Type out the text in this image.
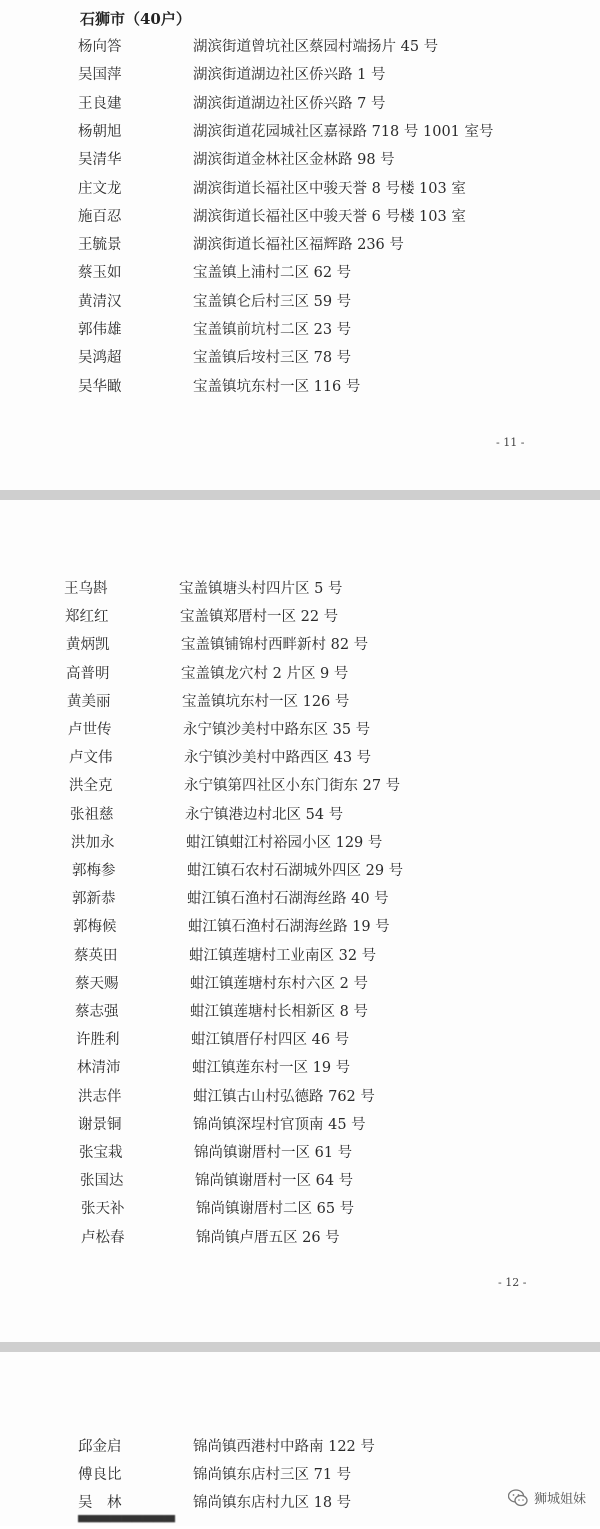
石狮市（40户）
杨向答	湖滨街道曾坑社区蔡园村端扬片 45 号
吴国萍	湖滨街道湖边社区侨兴路 1 号
王良建	湖滨街道湖边社区侨兴路 7 号
杨朝旭	湖滨街道花园城社区嘉禄路 718 号 1001 室号
吴清华	湖滨街道金林社区金林路 98 号
庄文龙	湖滨街道长福社区中骏天誉 8 号楼 103 室
施百忍	湖滨街道长福社区中骏天誉 6 号楼 103 室
王毓景	湖滨街道长福社区福辉路 236 号
蔡玉如	宝盖镇上浦村二区 62 号
黄清汉	宝盖镇仑后村三区 59 号
郭伟雄	宝盖镇前坑村二区 23 号
吴鸿超	宝盖镇后垵村三区 78 号
吴华瞰	宝盖镇坑东村一区 116 号
- 11 -
王乌斟	宝盖镇塘头村四片区 5 号
郑红红	宝盖镇郑厝村一区 22 号
黄炳凯	宝盖镇铺锦村西畔新村 82 号
高普明	宝盖镇龙穴村 2 片区 9 号
黄美丽	宝盖镇坑东村一区 126 号
卢世传	永宁镇沙美村中路东区 35 号
卢文伟	永宁镇沙美村中路西区 43 号
洪全克	永宁镇第四社区小东门街东 27 号
张祖慈	永宁镇港边村北区 54 号
洪加永	蚶江镇蚶江村裕园小区 129 号
郭梅参	蚶江镇石农村石湖城外四区 29 号
郭新恭	蚶江镇石渔村石湖海丝路 40 号
郭梅候	蚶江镇石渔村石湖海丝路 19 号
蔡英田	蚶江镇莲塘村工业南区 32 号
蔡天赐	蚶江镇莲塘村东村六区 2 号
蔡志强	蚶江镇莲塘村长相新区 8 号
许胜利	蚶江镇厝仔村四区 46 号
林清沛	蚶江镇莲东村一区 19 号
洪志伴	蚶江镇古山村弘德路 762 号
谢景铜	锦尚镇深埕村官顶南 45 号
张宝栽	锦尚镇谢厝村一区 61 号
张国达	锦尚镇谢厝村一区 64 号
张天补	锦尚镇谢厝村二区 65 号
卢松春	锦尚镇卢厝五区 26 号
- 12 -
邱金启	锦尚镇西港村中路南 122 号
傅良比	锦尚镇东店村三区 71 号
吴　林	锦尚镇东店村九区 18 号
▀▀▀▀▀▀▀▀▀
狮城姐妹
